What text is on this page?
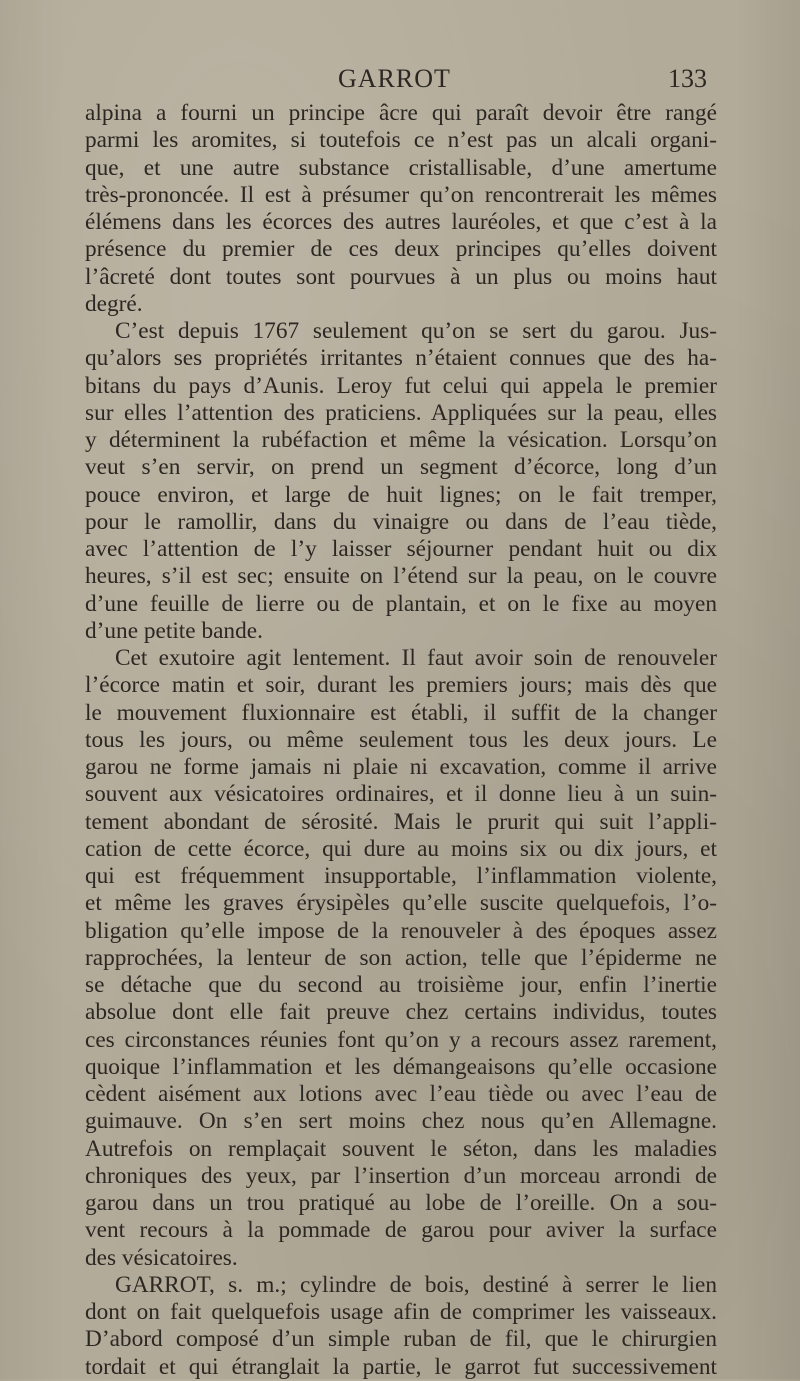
GARROT	133
alpina a fourni un principe âcre qui paraît devoir être rangé
parmi les aromites, si toutefois ce n’est pas un alcali organi-
que, et une autre substance cristallisable, d’une amertume
très-prononcée. Il est à présumer qu’on rencontrerait les mêmes
élémens dans les écorces des autres lauréoles, et que c’est à la
présence du premier de ces deux principes qu’elles doivent
l’âcreté dont toutes sont pourvues à un plus ou moins haut
degré.
C’est depuis 1767 seulement qu’on se sert du garou. Jus-
qu’alors ses propriétés irritantes n’étaient connues que des ha-
bitans du pays d’Aunis. Leroy fut celui qui appela le premier
sur elles l’attention des praticiens. Appliquées sur la peau, elles
y déterminent la rubéfaction et même la vésication. Lorsqu’on
veut s’en servir, on prend un segment d’écorce, long d’un
pouce environ, et large de huit lignes; on le fait tremper,
pour le ramollir, dans du vinaigre ou dans de l’eau tiède,
avec l’attention de l’y laisser séjourner pendant huit ou dix
heures, s’il est sec; ensuite on l’étend sur la peau, on le couvre
d’une feuille de lierre ou de plantain, et on le fixe au moyen
d’une petite bande.
Cet exutoire agit lentement. Il faut avoir soin de renouveler
l’écorce matin et soir, durant les premiers jours; mais dès que
le mouvement fluxionnaire est établi, il suffit de la changer
tous les jours, ou même seulement tous les deux jours. Le
garou ne forme jamais ni plaie ni excavation, comme il arrive
souvent aux vésicatoires ordinaires, et il donne lieu à un suin-
tement abondant de sérosité. Mais le prurit qui suit l’appli-
cation de cette écorce, qui dure au moins six ou dix jours, et
qui est fréquemment insupportable, l’inflammation violente,
et même les graves érysipèles qu’elle suscite quelquefois, l’o-
bligation qu’elle impose de la renouveler à des époques assez
rapprochées, la lenteur de son action, telle que l’épiderme ne
se détache que du second au troisième jour, enfin l’inertie
absolue dont elle fait preuve chez certains individus, toutes
ces circonstances réunies font qu’on y a recours assez rarement,
quoique l’inflammation et les démangeaisons qu’elle occasione
cèdent aisément aux lotions avec l’eau tiède ou avec l’eau de
guimauve. On s’en sert moins chez nous qu’en Allemagne.
Autrefois on remplaçait souvent le séton, dans les maladies
chroniques des yeux, par l’insertion d’un morceau arrondi de
garou dans un trou pratiqué au lobe de l’oreille. On a sou-
vent recours à la pommade de garou pour aviver la surface
des vésicatoires.
GARROT, s. m.; cylindre de bois, destiné à serrer le lien
dont on fait quelquefois usage afin de comprimer les vaisseaux.
D’abord composé d’un simple ruban de fil, que le chirurgien
tordait et qui étranglait la partie, le garrot fut successivement
